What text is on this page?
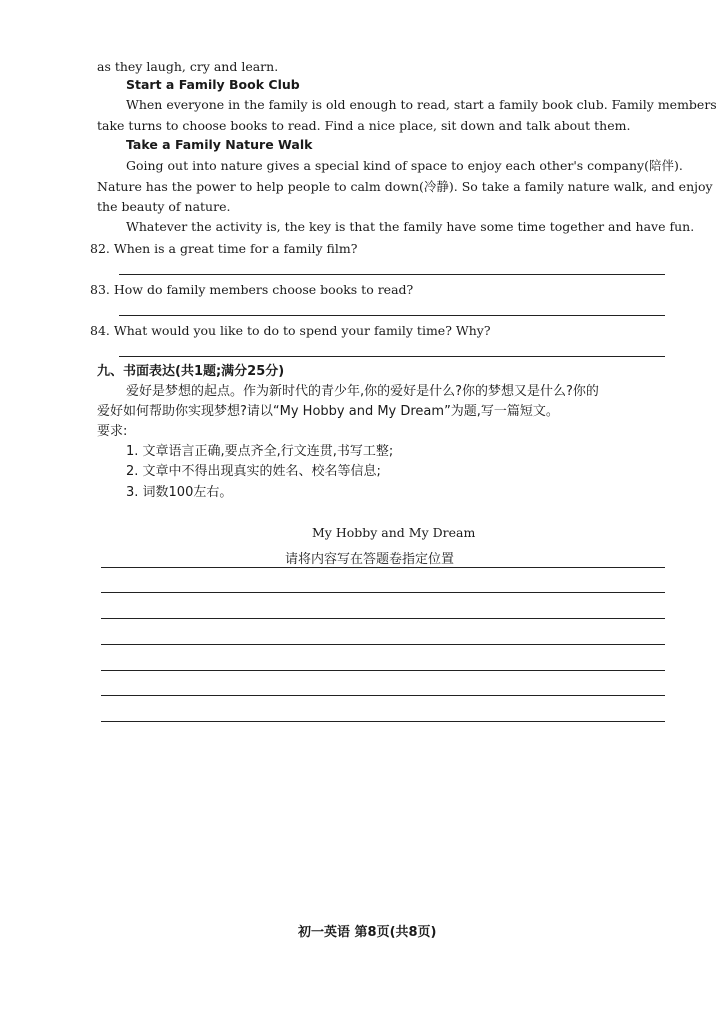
as they laugh, cry and learn.
Start a Family Book Club
When everyone in the family is old enough to read, start a family book club. Family members
take turns to choose books to read. Find a nice place, sit down and talk about them.
Take a Family Nature Walk
Going out into nature gives a special kind of space to enjoy each other's company(陪伴).
Nature has the power to help people to calm down(冷静). So take a family nature walk, and enjoy
the beauty of nature.
Whatever the activity is, the key is that the family have some time together and have fun.
82. When is a great time for a family film?
83. How do family members choose books to read?
84. What would you like to do to spend your family time? Why?
九、书面表达(共1题;满分25分)
爱好是梦想的起点。作为新时代的青少年,你的爱好是什么?你的梦想又是什么?你的
爱好如何帮助你实现梦想?请以“My Hobby and My Dream”为题,写一篇短文。
要求:
1. 文章语言正确,要点齐全,行文连贯,书写工整;
2. 文章中不得出现真实的姓名、校名等信息;
3. 词数100左右。
My Hobby and My Dream
请将内容写在答题卷指定位置
初一英语 第8页(共8页)
